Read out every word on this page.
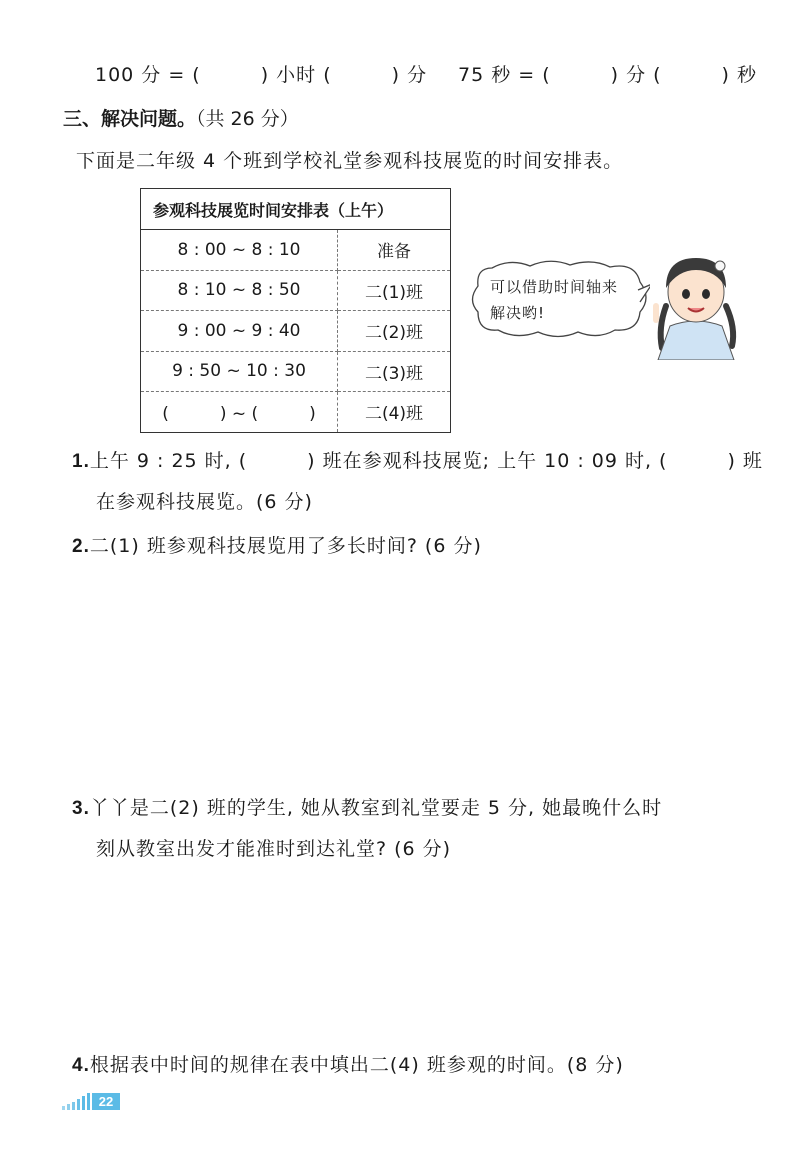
100 分 = (　　　) 小时 (　　　) 分 75 秒 = (　　　) 分 (　　　) 秒
三、解决问题。（共 26 分）
下面是二年级 4 个班到学校礼堂参观科技展览的时间安排表。
参观科技展览时间安排表（上午）	
8 : 00 ~ 8 : 10	准备
8 : 10 ~ 8 : 50	二(1)班
9 : 00 ~ 9 : 40	二(2)班
9 : 50 ~ 10 : 30	二(3)班
(　　　) ~ (　　　)	二(4)班
可以借助时间轴来解决哟!
1.上午 9 : 25 时, (　　　) 班在参观科技展览; 上午 10 : 09 时, (　　　) 班
在参观科技展览。(6 分)
2.二(1) 班参观科技展览用了多长时间? (6 分)
3.丫丫是二(2) 班的学生, 她从教室到礼堂要走 5 分, 她最晚什么时
刻从教室出发才能准时到达礼堂? (6 分)
4.根据表中时间的规律在表中填出二(4) 班参观的时间。(8 分)
22
